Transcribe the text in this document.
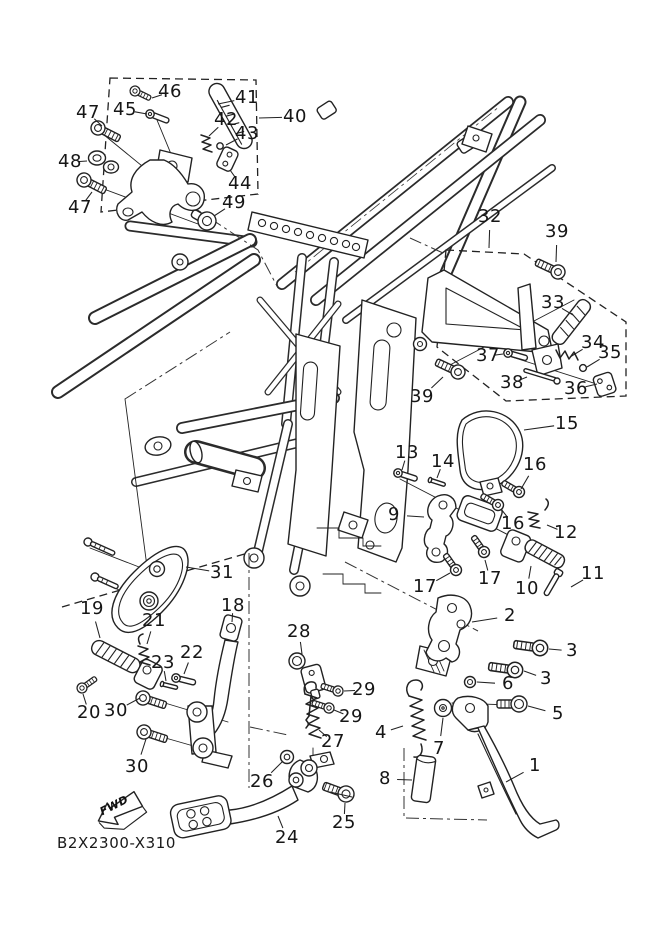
46	41
40
47 45	42
43
48
44
47	49
32
39
33
34
35
37
38 36
39
15
13 14	16
9	16 12
17
17	10
11
31
19	18
21
22
23
20 30
30
26
28
29
29
27
24
25
2
3
3
6
5
4
7
8
1
B2X2300-X310
FWD
